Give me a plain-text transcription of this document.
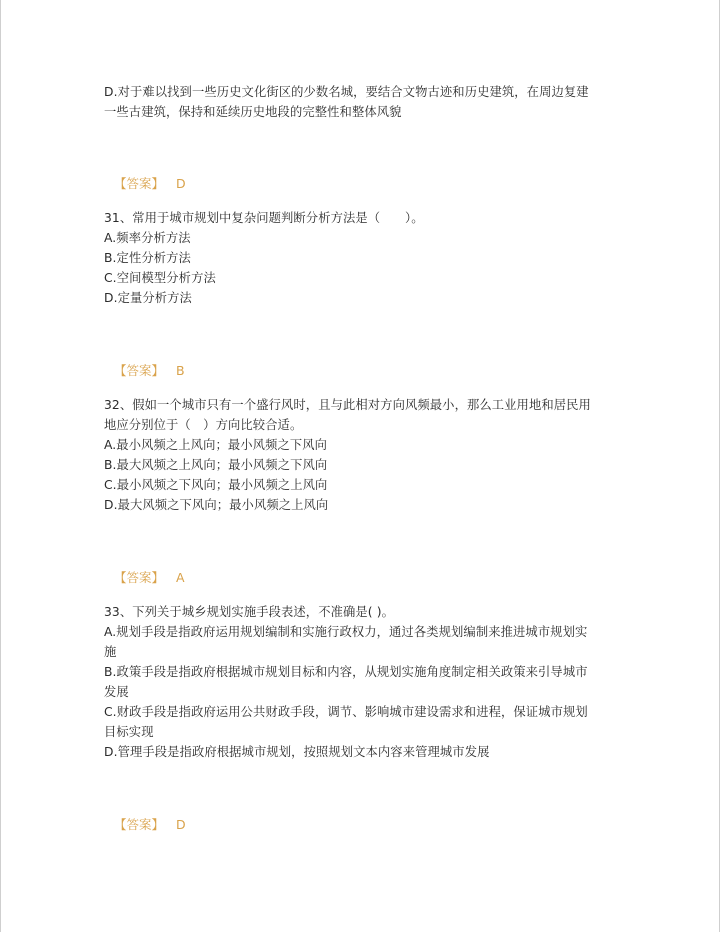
D.对于难以找到一些历史文化街区的少数名城，要结合文物古迹和历史建筑，在周边复建
一些古建筑，保持和延续历史地段的完整性和整体风貌
【答案】 D
31、常用于城市规划中复杂问题判断分析方法是（　　）。
A.频率分析方法
B.定性分析方法
C.空间模型分析方法
D.定量分析方法
【答案】 B
32、假如一个城市只有一个盛行风时，且与此相对方向风频最小，那么工业用地和居民用
地应分别位于（　）方向比较合适。
A.最小风频之上风向；最小风频之下风向
B.最大风频之上风向；最小风频之下风向
C.最小风频之下风向；最小风频之上风向
D.最大风频之下风向；最小风频之上风向
【答案】 A
33、下列关于城乡规划实施手段表述，不准确是( )。
A.规划手段是指政府运用规划编制和实施行政权力，通过各类规划编制来推进城市规划实
施
B.政策手段是指政府根据城市规划目标和内容，从规划实施角度制定相关政策来引导城市
发展
C.财政手段是指政府运用公共财政手段，调节、影响城市建设需求和进程，保证城市规划
目标实现
D.管理手段是指政府根据城市规划，按照规划文本内容来管理城市发展
【答案】 D
